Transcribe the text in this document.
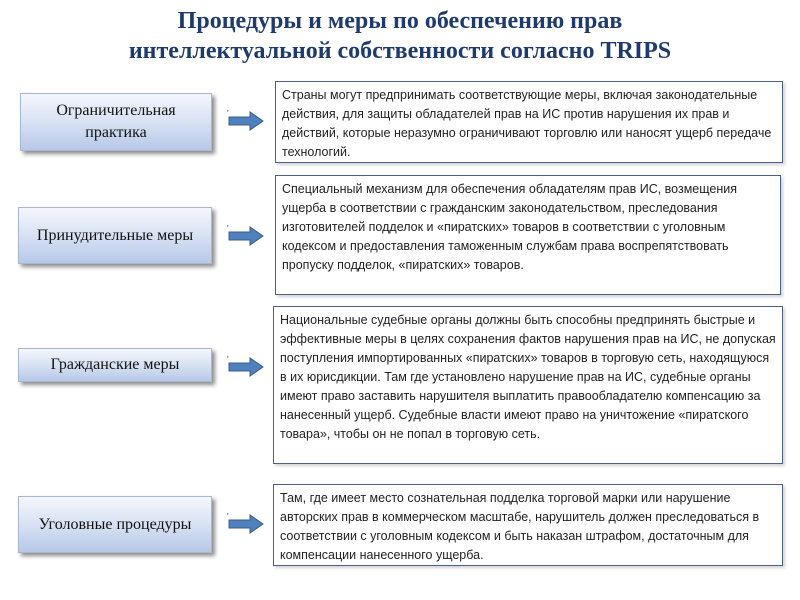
Процедуры и меры по обеспечению прав
интеллектуальной собственности согласно TRIPS
Ограничительная практика
·
Страны могут предпринимать соответствующие меры, включая законодательные действия, для защиты обладателей прав на ИС против нарушения их прав и действий, которые неразумно ограничивают торговлю или наносят ущерб передаче технологий.
Принудительные меры
·
Специальный механизм для обеспечения обладателям прав ИС, возмещения ущерба в соответствии с гражданским законодательством, преследования изготовителей подделок и «пиратских» товаров в соответствии с уголовным кодексом и предоставления таможенным службам права воспрепятствовать пропуску подделок, «пиратских» товаров.
Гражданские меры	·
Национальные судебные органы должны быть способны предпринять быстрые и эффективные меры в целях сохранения фактов нарушения прав на ИС, не допуская поступления импортированных «пиратских» товаров в торговую сеть, находящуюся в их юрисдикции. Там где установлено нарушение прав на ИС, судебные органы имеют право заставить нарушителя выплатить правообладателю компенсацию за нанесенный ущерб. Судебные власти имеют право на уничтожение «пиратского товара», чтобы он не попал в торговую сеть.
Уголовные процедуры
·
Там, где имеет место сознательная подделка торговой марки или нарушение авторских прав в коммерческом масштабе, нарушитель должен преследоваться в соответствии с уголовным кодексом и быть наказан штрафом, достаточным для компенсации нанесенного ущерба.
